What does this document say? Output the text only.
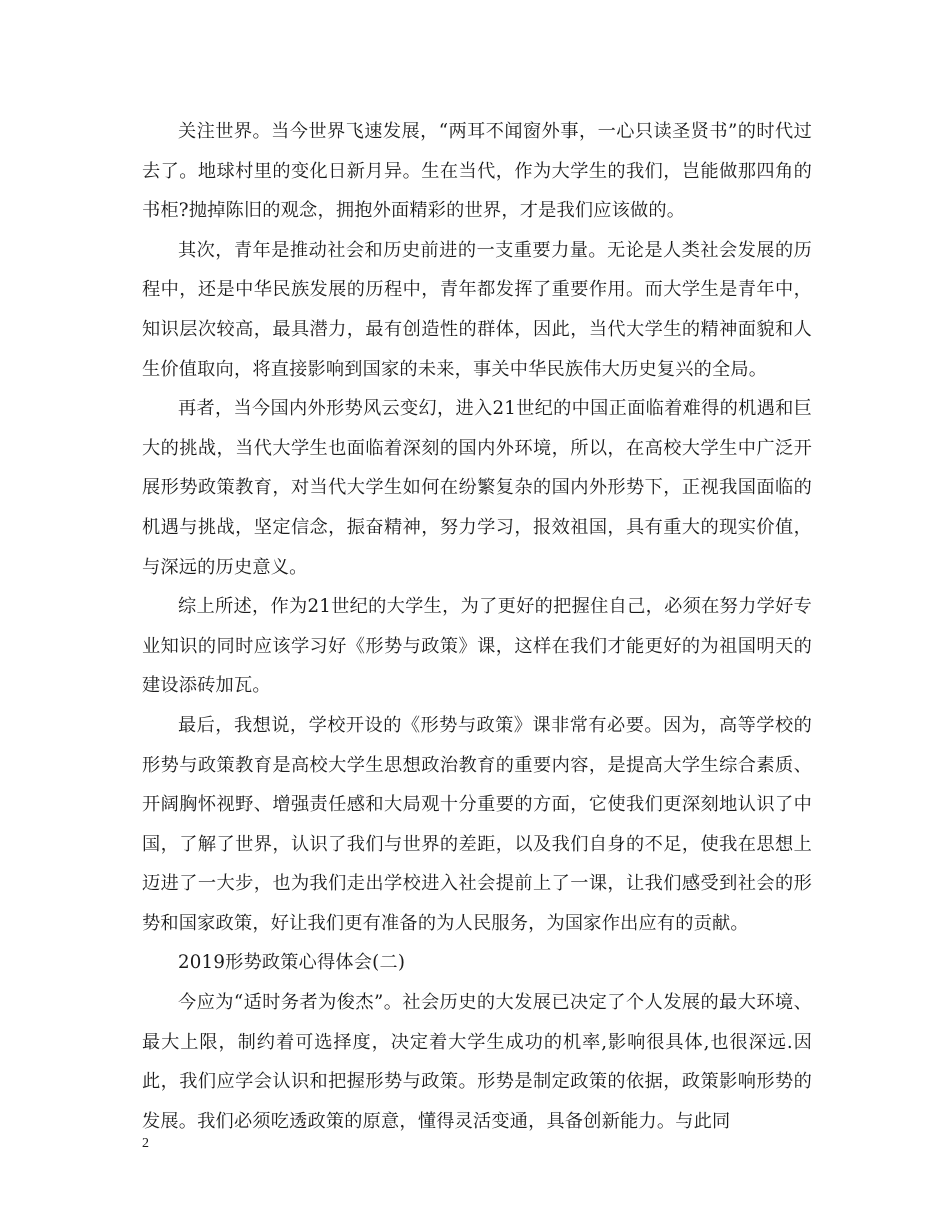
关注世界。当今世界飞速发展，“两耳不闻窗外事，一心只读圣贤书”的时代过去了。地球村里的变化日新月异。生在当代，作为大学生的我们，岂能做那四角的书柜?抛掉陈旧的观念，拥抱外面精彩的世界，才是我们应该做的。

其次，青年是推动社会和历史前进的一支重要力量。无论是人类社会发展的历程中，还是中华民族发展的历程中，青年都发挥了重要作用。而大学生是青年中，知识层次较高，最具潜力，最有创造性的群体，因此，当代大学生的精神面貌和人生价值取向，将直接影响到国家的未来，事关中华民族伟大历史复兴的全局。

再者，当今国内外形势风云变幻，进入21世纪的中国正面临着难得的机遇和巨大的挑战，当代大学生也面临着深刻的国内外环境，所以，在高校大学生中广泛开展形势政策教育，对当代大学生如何在纷繁复杂的国内外形势下，正视我国面临的机遇与挑战，坚定信念，振奋精神，努力学习，报效祖国，具有重大的现实价值，与深远的历史意义。

综上所述，作为21世纪的大学生，为了更好的把握住自己，必须在努力学好专业知识的同时应该学习好《形势与政策》课，这样在我们才能更好的为祖国明天的建设添砖加瓦。

最后，我想说，学校开设的《形势与政策》课非常有必要。因为，高等学校的形势与政策教育是高校大学生思想政治教育的重要内容，是提高大学生综合素质、开阔胸怀视野、增强责任感和大局观十分重要的方面，它使我们更深刻地认识了中国，了解了世界，认识了我们与世界的差距，以及我们自身的不足，使我在思想上迈进了一大步，也为我们走出学校进入社会提前上了一课，让我们感受到社会的形势和国家政策，好让我们更有准备的为人民服务，为国家作出应有的贡献。

2019形势政策心得体会(二)

今应为“适时务者为俊杰”。社会历史的大发展已决定了个人发展的最大环境、最大上限，制约着可选择度，决定着大学生成功的机率,影响很具体,也很深远.因此，我们应学会认识和把握形势与政策。形势是制定政策的依据，政策影响形势的发展。我们必须吃透政策的原意，懂得灵活变通，具备创新能力。与此同

2
